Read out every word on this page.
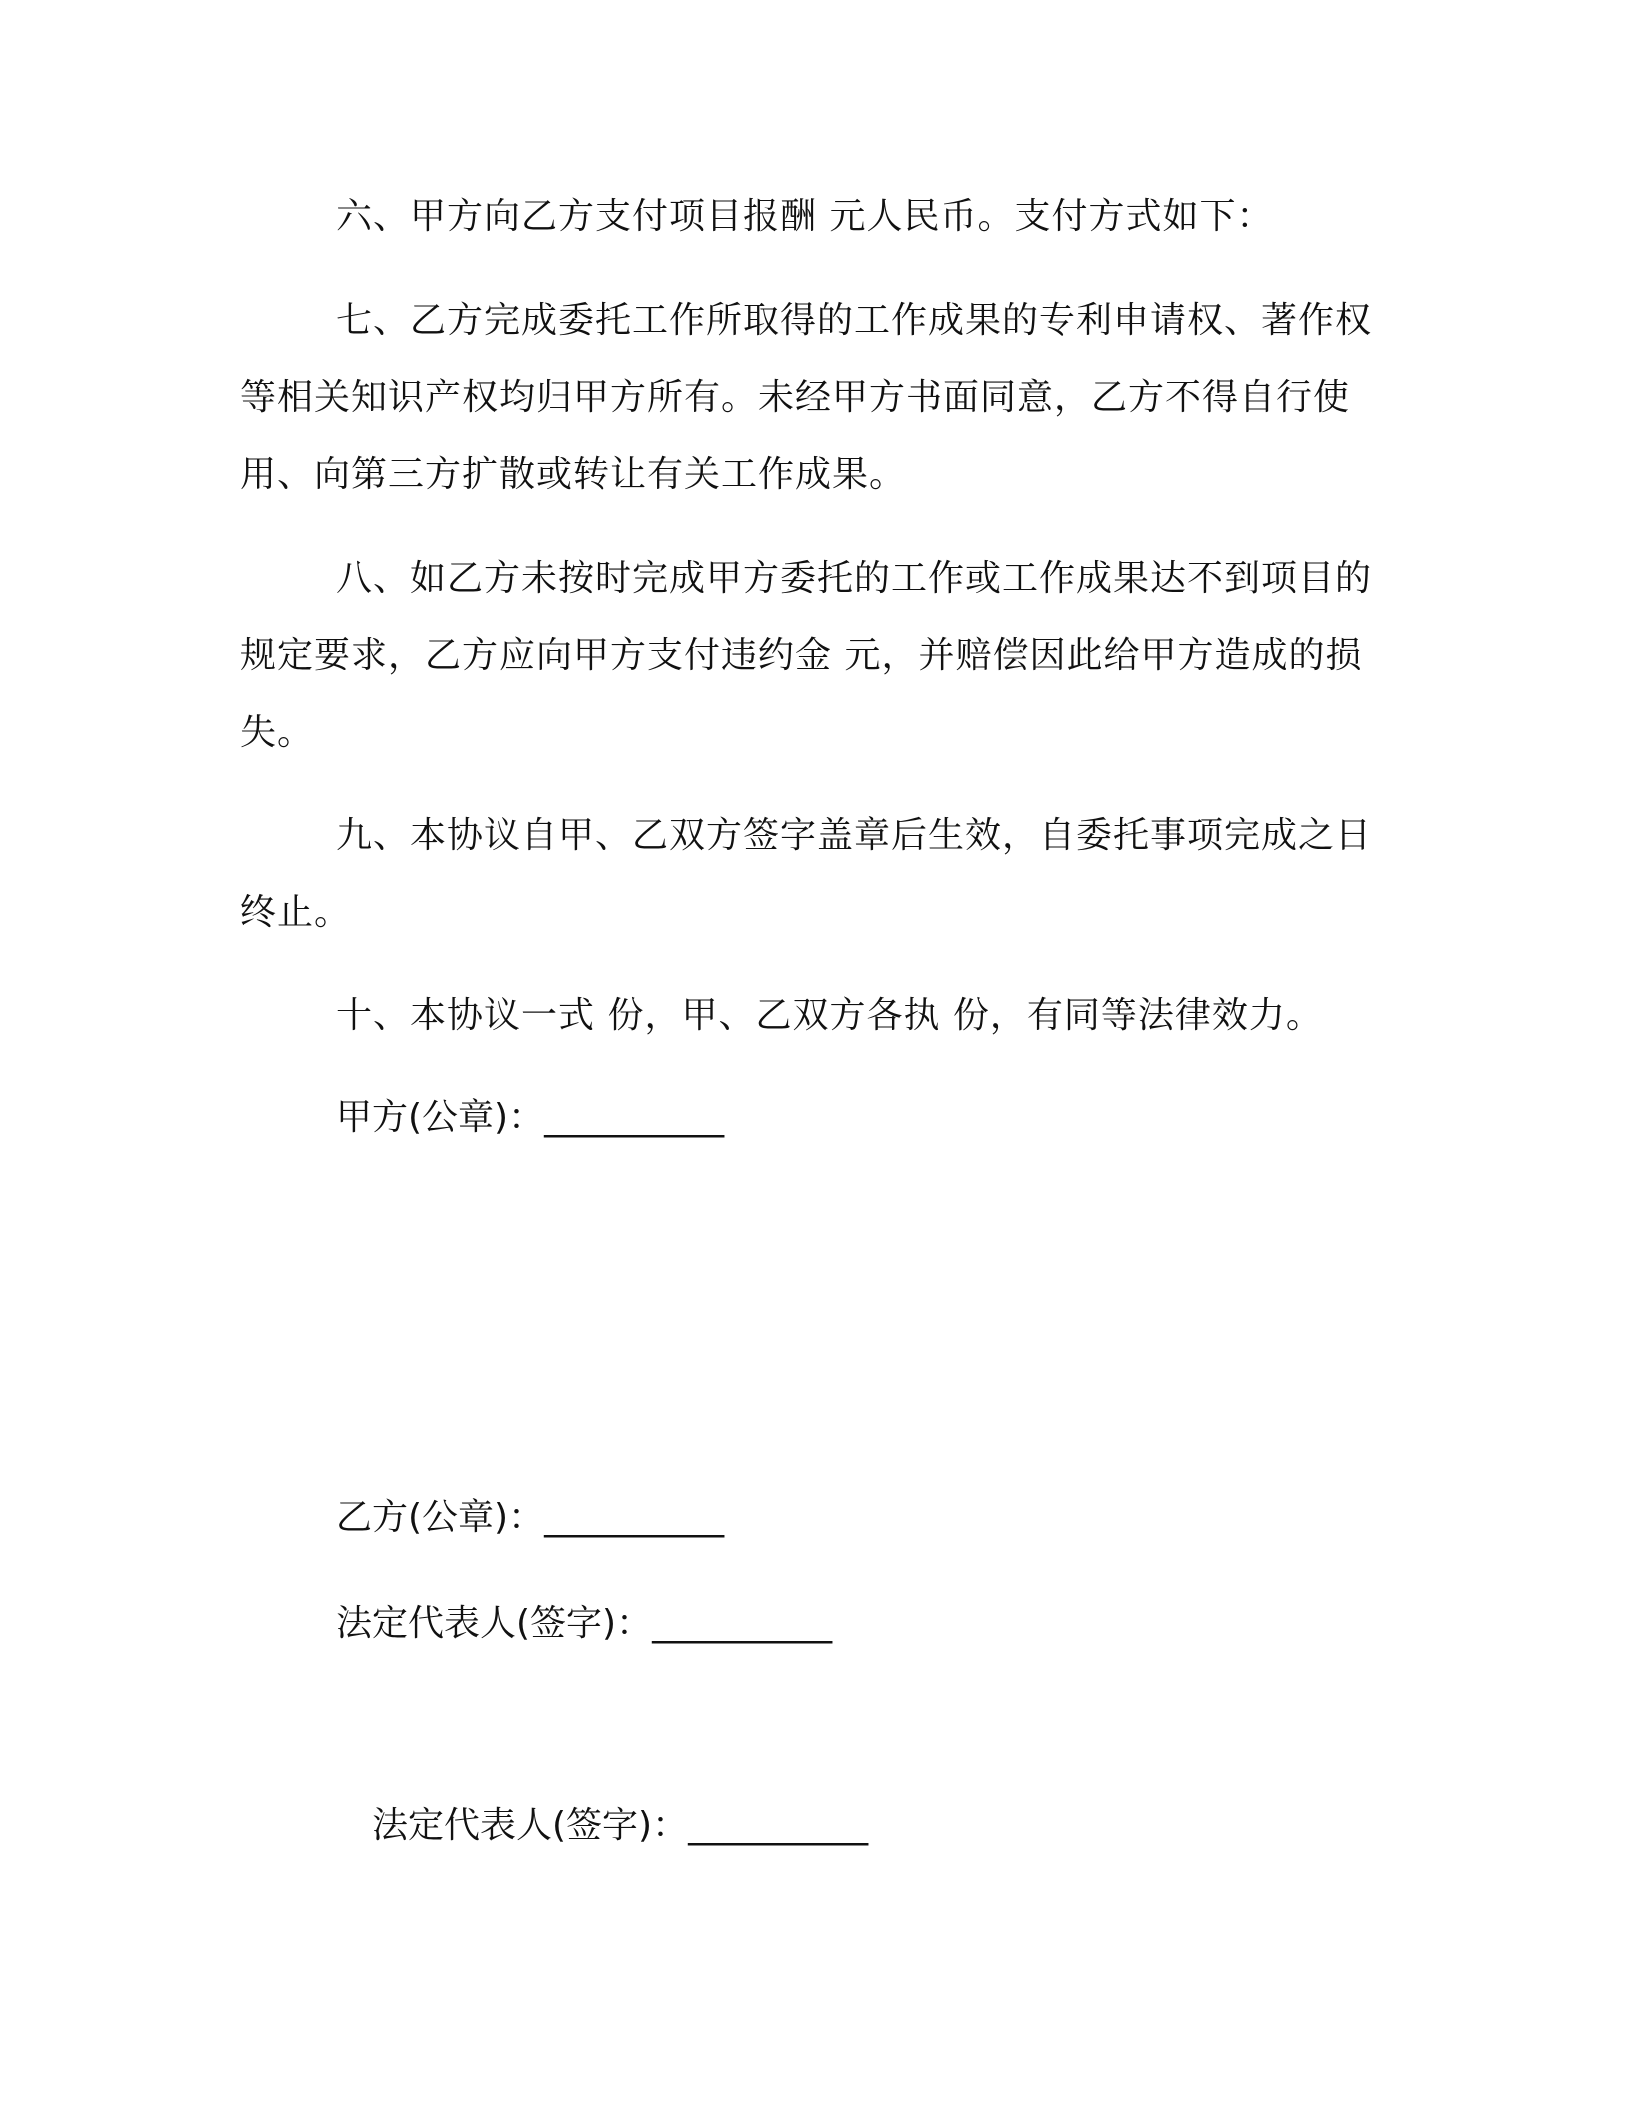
六、甲方向乙方支付项目报酬 元人民币。支付方式如下：

七、乙方完成委托工作所取得的工作成果的专利申请权、著作权等相关知识产权均归甲方所有。未经甲方书面同意，乙方不得自行使用、向第三方扩散或转让有关工作成果。

八、如乙方未按时完成甲方委托的工作或工作成果达不到项目的规定要求，乙方应向甲方支付违约金 元，并赔偿因此给甲方造成的损失。

九、本协议自甲、乙双方签字盖章后生效，自委托事项完成之日终止。

十、本协议一式 份，甲、乙双方各执 份，有同等法律效力。

甲方(公章)：__________
乙方(公章)：__________
法定代表人(签字)：__________
法定代表人(签字)：__________
